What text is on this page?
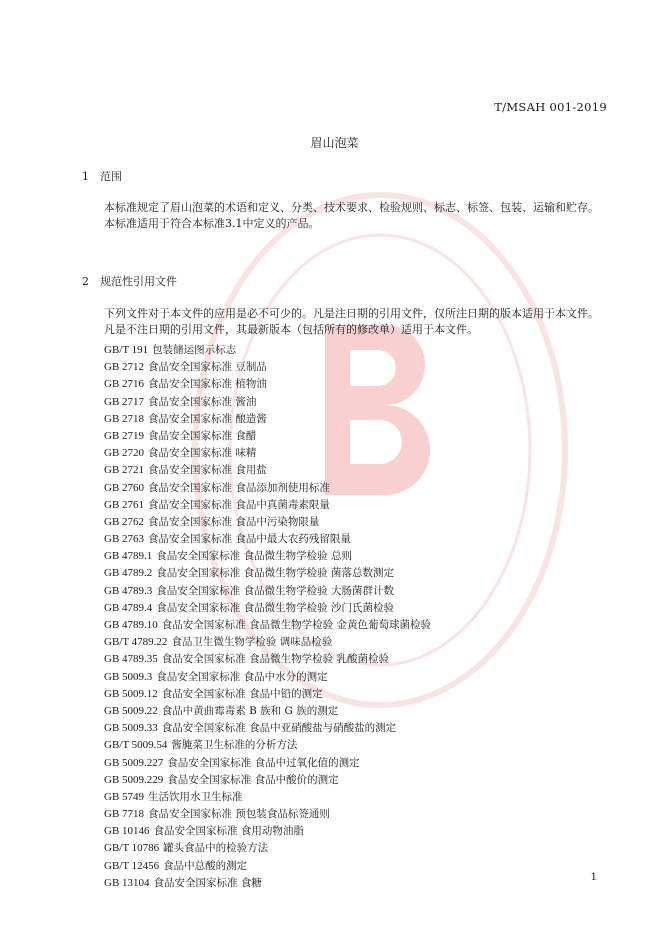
T/MSAH 001-2019
眉山泡菜
1 范围
本标准规定了眉山泡菜的术语和定义、分类、技术要求、检验规则、标志、标签、包装、运输和贮存。
本标准适用于符合本标准3.1中定义的产品。
2 规范性引用文件
下列文件对于本文件的应用是必不可少的。凡是注日期的引用文件，仅所注日期的版本适用于本文件。凡是不注日期的引用文件，其最新版本（包括所有的修改单）适用于本文件。
GB/T 191 包装储运图示标志
GB 2712 食品安全国家标准 豆制品
GB 2716 食品安全国家标准 植物油
GB 2717 食品安全国家标准 酱油
GB 2718 食品安全国家标准 酿造酱
GB 2719 食品安全国家标准 食醋
GB 2720 食品安全国家标准 味精
GB 2721 食品安全国家标准 食用盐
GB 2760 食品安全国家标准 食品添加剂使用标准
GB 2761 食品安全国家标准 食品中真菌毒素限量
GB 2762 食品安全国家标准 食品中污染物限量
GB 2763 食品安全国家标准 食品中最大农药残留限量
GB 4789.1 食品安全国家标准 食品微生物学检验 总则
GB 4789.2 食品安全国家标准 食品微生物学检验 菌落总数测定
GB 4789.3 食品安全国家标准 食品微生物学检验 大肠菌群计数
GB 4789.4 食品安全国家标准 食品微生物学检验 沙门氏菌检验
GB 4789.10 食品安全国家标准 食品微生物学检验 金黄色葡萄球菌检验
GB/T 4789.22 食品卫生微生物学检验 调味品检验
GB 4789.35 食品安全国家标准 食品微生物学检验 乳酸菌检验
GB 5009.3 食品安全国家标准 食品中水分的测定
GB 5009.12 食品安全国家标准 食品中铅的测定
GB 5009.22 食品中黄曲霉毒素 B 族和 G 族的测定
GB 5009.33 食品安全国家标准 食品中亚硝酸盐与硝酸盐的测定
GB/T 5009.54 酱腌菜卫生标准的分析方法
GB 5009.227 食品安全国家标准 食品中过氧化值的测定
GB 5009.229 食品安全国家标准 食品中酸价的测定
GB 5749 生活饮用水卫生标准
GB 7718 食品安全国家标准 预包装食品标签通则
GB 10146 食品安全国家标准 食用动物油脂
GB/T 10786 罐头食品中的检验方法
GB/T 12456 食品中总酸的测定
GB 13104 食品安全国家标准 食糖	1
